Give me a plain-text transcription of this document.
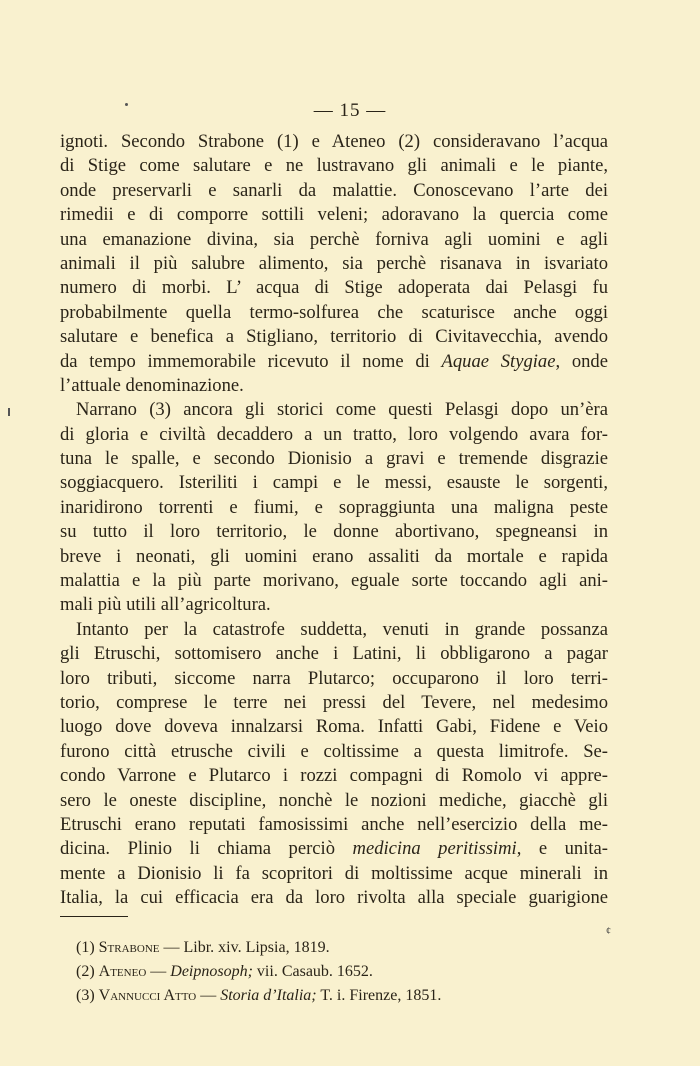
— 15 —
ignoti. Secondo Strabone (1) e Ateneo (2) consideravano l’acqua
di Stige come salutare e ne lustravano gli animali e le piante,
onde preservarli e sanarli da malattie. Conoscevano l’arte dei
rimedii e di comporre sottili veleni; adoravano la quercia come
una emanazione divina, sia perchè forniva agli uomini e agli
animali il più salubre alimento, sia perchè risanava in isvariato
numero di morbi. L’ acqua di Stige adoperata dai Pelasgi fu
probabilmente quella termo-solfurea che scaturisce anche oggi
salutare e benefica a Stigliano, territorio di Civitavecchia, avendo
da tempo immemorabile ricevuto il nome di Aquae Stygiae, onde
l’attuale denominazione.
Narrano (3) ancora gli storici come questi Pelasgi dopo un’èra
di gloria e civiltà decaddero a un tratto, loro volgendo avara for-
tuna le spalle, e secondo Dionisio a gravi e tremende disgrazie
soggiacquero. Isteriliti i campi e le messi, esauste le sorgenti,
inaridirono torrenti e fiumi, e sopraggiunta una maligna peste
su tutto il loro territorio, le donne abortivano, spegneansi in
breve i neonati, gli uomini erano assaliti da mortale e rapida
malattia e la più parte morivano, eguale sorte toccando agli ani-
mali più utili all’agricoltura.
Intanto per la catastrofe suddetta, venuti in grande possanza
gli Etruschi, sottomisero anche i Latini, li obbligarono a pagar
loro tributi, siccome narra Plutarco; occuparono il loro terri-
torio, comprese le terre nei pressi del Tevere, nel medesimo
luogo dove doveva innalzarsi Roma. Infatti Gabi, Fidene e Veio
furono città etrusche civili e coltissime a questa limitrofe. Se-
condo Varrone e Plutarco i rozzi compagni di Romolo vi appre-
sero le oneste discipline, nonchè le nozioni mediche, giacchè gli
Etruschi erano reputati famosissimi anche nell’esercizio della me-
dicina. Plinio li chiama perciò medicina peritissimi, e unita-
mente a Dionisio li fa scopritori di moltissime acque minerali in
Italia, la cui efficacia era da loro rivolta alla speciale guarigione
¢
(1) Strabone — Libr. xiv. Lipsia, 1819.
(2) Ateneo — Deipnosoph; vii. Casaub. 1652.
(3) Vannucci Atto — Storia d’Italia; T. i. Firenze, 1851.
